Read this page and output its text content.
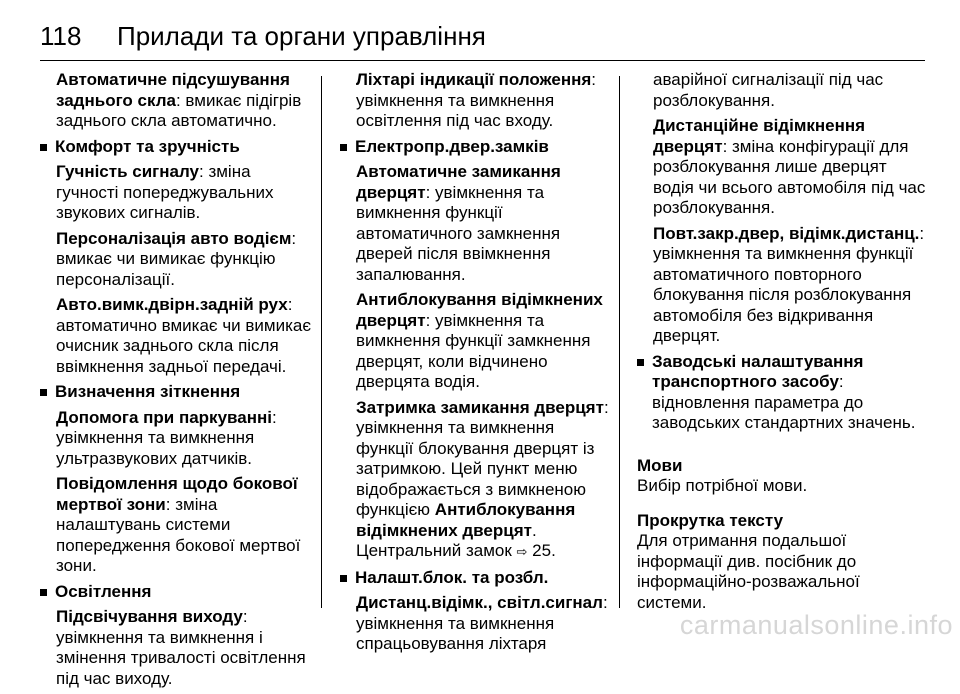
118	Прилади та органи управління
Автоматичне підсушування заднього скла: вмикає підігрів заднього скла автоматично.
Комфорт та зручність
Гучність сигналу: зміна гучності попереджувальних звукових сигналів.
Персоналізація авто водієм: вмикає чи вимикає функцію персоналізації.
Авто.вимк.двірн.задній рух: автоматично вмикає чи вимикає очисник заднього скла після ввімкнення задньої передачі.
Визначення зіткнення
Допомога при паркуванні: увімкнення та вимкнення ультразвукових датчиків.
Повідомлення щодо бокової мертвої зони: зміна налаштувань системи попередження бокової мертвої зони.
Освітлення
Підсвічування виходу: увімкнення та вимкнення і змінення тривалості освітлення під час виходу.
Ліхтарі індикації положення: увімкнення та вимкнення освітлення під час входу.
Електропр.двер.замків
Автоматичне замикання дверцят: увімкнення та вимкнення функції автоматичного замкнення дверей після ввімкнення запалювання.
Антиблокування відімкнених дверцят: увімкнення та вимкнення функції замкнення дверцят, коли відчинено дверцята водія.
Затримка замикання дверцят: увімкнення та вимкнення функції блокування дверцят із затримкою. Цей пункт меню відображається з вимкненою функцією Антиблокування відімкнених дверцят.
Центральний замок ⇨ 25.
Налашт.блок. та розбл.
Дистанц.відімк., світл.сигнал: увімкнення та вимкнення спрацьовування ліхтаря
аварійної сигналізації під час розблокування.
Дистанційне відімкнення дверцят: зміна конфігурації для розблокування лише дверцят водія чи всього автомобіля під час розблокування.
Повт.закр.двер, відімк.дистанц.: увімкнення та вимкнення функції автоматичного повторного блокування після розблокування автомобіля без відкривання дверцят.
Заводські налаштування транспортного засобу:
відновлення параметра до заводських стандартних значень.
Мови
Вибір потрібної мови.
Прокрутка тексту
Для отримання подальшої інформації див. посібник до інформаційно-розважальної системи.
carmanualsonline.info
